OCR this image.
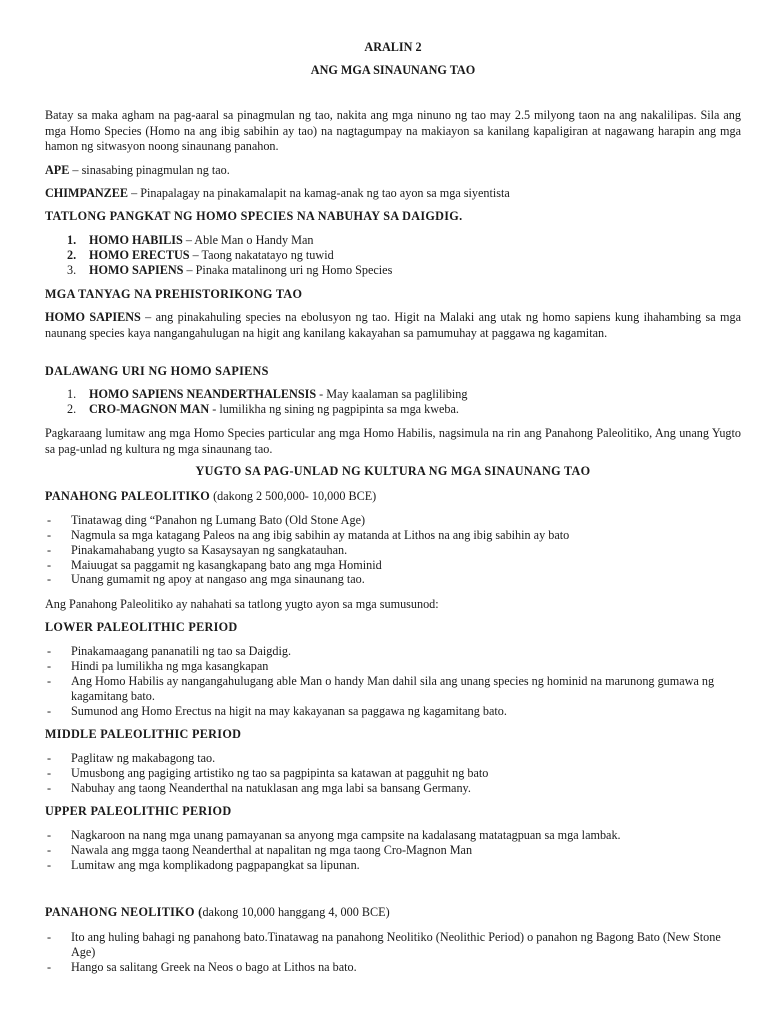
ARALIN 2
ANG MGA SINAUNANG TAO
Batay sa maka agham na pag-aaral sa pinagmulan ng tao, nakita ang mga ninuno ng tao may 2.5 milyong taon na ang nakalilipas. Sila ang mga Homo Species (Homo na ang ibig sabihin ay tao) na nagtagumpay na makiayon sa kanilang kapaligiran at nagawang harapin ang mga hamon ng sitwasyon noong sinaunang panahon.
APE – sinasabing pinagmulan ng tao.
CHIMPANZEE – Pinapalagay na pinakamalapit na kamag-anak ng tao ayon sa mga siyentista
TATLONG PANGKAT NG HOMO SPECIES NA NABUHAY SA DAIGDIG.
1. HOMO HABILIS – Able Man o Handy Man
2. HOMO ERECTUS – Taong nakatatayo ng tuwid
3. HOMO SAPIENS – Pinaka matalinong uri ng Homo Species
MGA TANYAG NA PREHISTORIKONG TAO
HOMO SAPIENS – ang pinakahuling species na ebolusyon ng tao. Higit na Malaki ang utak ng homo sapiens kung ihahambing sa mga naunang species kaya nangangahulugan na higit ang kanilang kakayahan sa pamumuhay at paggawa ng kagamitan.
DALAWANG URI NG HOMO SAPIENS
1. HOMO SAPIENS NEANDERTHALENSIS - May kaalaman sa paglilibing
2. CRO-MAGNON MAN - lumilikha ng sining ng pagpipinta sa mga kweba.
Pagkaraang lumitaw ang mga Homo Species particular ang mga Homo Habilis, nagsimula na rin ang Panahong Paleolitiko, Ang unang Yugto sa pag-unlad ng kultura ng mga sinaunang tao.
YUGTO SA PAG-UNLAD NG KULTURA NG MGA SINAUNANG TAO
PANAHONG PALEOLITIKO (dakong 2 500,000- 10,000 BCE)
- Tinatawag ding “Panahon ng Lumang Bato (Old Stone Age)
- Nagmula sa mga katagang Paleos na ang ibig sabihin ay matanda at Lithos na ang ibig sabihin ay bato
- Pinakamahabang yugto sa Kasaysayan ng sangkatauhan.
- Maiuugat sa paggamit ng kasangkapang bato ang mga Hominid
- Unang gumamit ng apoy at nangaso ang mga sinaunang tao.
Ang Panahong Paleolitiko ay nahahati sa tatlong yugto ayon sa mga sumusunod:
LOWER PALEOLITHIC PERIOD
- Pinakamaagang pananatili ng tao sa Daigdig.
- Hindi pa lumilikha ng mga kasangkapan
- Ang Homo Habilis ay nangangahulugang able Man o handy Man dahil sila ang unang species ng hominid na marunong gumawa ng kagamitang bato.
- Sumunod ang Homo Erectus na higit na may kakayanan sa paggawa ng kagamitang bato.
MIDDLE PALEOLITHIC PERIOD
- Paglitaw ng makabagong tao.
- Umusbong ang pagiging artistiko ng tao sa pagpipinta sa katawan at pagguhit ng bato
- Nabuhay ang taong Neanderthal na natuklasan ang mga labi sa bansang Germany.
UPPER PALEOLITHIC PERIOD
- Nagkaroon na nang mga unang pamayanan sa anyong mga campsite na kadalasang matatagpuan sa mga lambak.
- Nawala ang mgga taong Neanderthal at napalitan ng mga taong Cro-Magnon Man
- Lumitaw ang mga komplikadong pagpapangkat sa lipunan.
PANAHONG NEOLITIKO (dakong 10,000 hanggang 4, 000 BCE)
- Ito ang huling bahagi ng panahong bato.Tinatawag na panahong Neolitiko (Neolithic Period) o panahon ng Bagong Bato (New Stone Age)
- Hango sa salitang Greek na Neos o bago at Lithos na bato.
